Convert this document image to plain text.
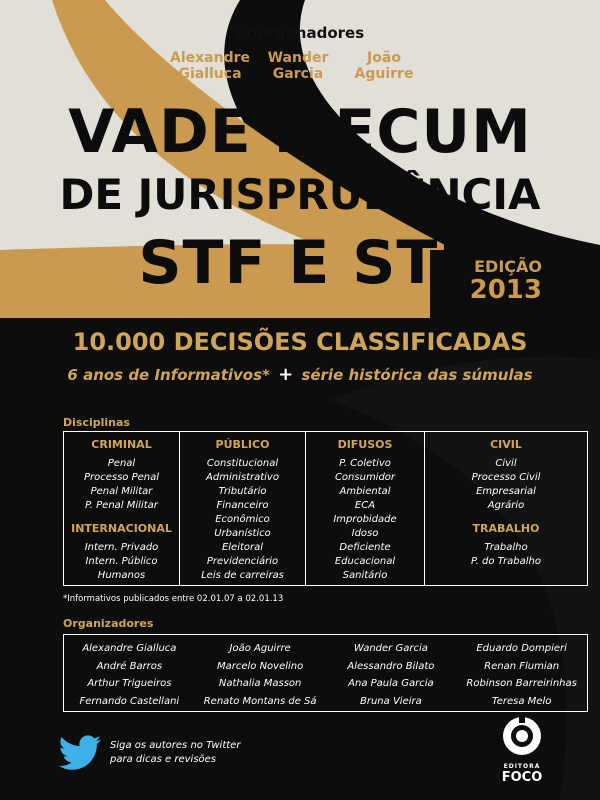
Coordenadores
Alexandre
Gialluca
Wander
Garcia
João
Aguirre
VADE MECUM
DE JURISPRUDÊNCIA
STF E STJ EDIÇÃO
2013
10.000 DECISÕES CLASSIFICADAS
6 anos de Informativos* + série histórica das súmulas
Disciplinas
CRIMINAL
Penal
Processo Penal
Penal Militar
P. Penal Militar
INTERNACIONAL
Intern. Privado
Intern. Público
Humanos
PÚBLICO
Constitucional
Administrativo
Tributário
Financeiro
Econômico
Urbanístico
Eleitoral
Previdenciário
Leis de carreiras
DIFUSOS
P. Coletivo
Consumidor
Ambiental
ECA
Improbidade
Idoso
Deficiente
Educacional
Sanitário
CIVIL
Civil
Processo Civil
Empresarial
Agrário
TRABALHO
Trabalho
P. do Trabalho
*Informativos publicados entre 02.01.07 a 02.01.13
Organizadores
Alexandre Gialluca
André Barros
Arthur Trigueiros
Fernando Castellani
João Aguirre
Marcelo Novelino
Nathalia Masson
Renato Montans de Sá
Wander Garcia
Alessandro Bilato
Ana Paula Garcia
Bruna Vieira
Eduardo Dompieri
Renan Flumian
Robinson Barreirinhas
Teresa Melo
Siga os autores no Twitter
para dicas e revisões
EDITORA
FOCO
